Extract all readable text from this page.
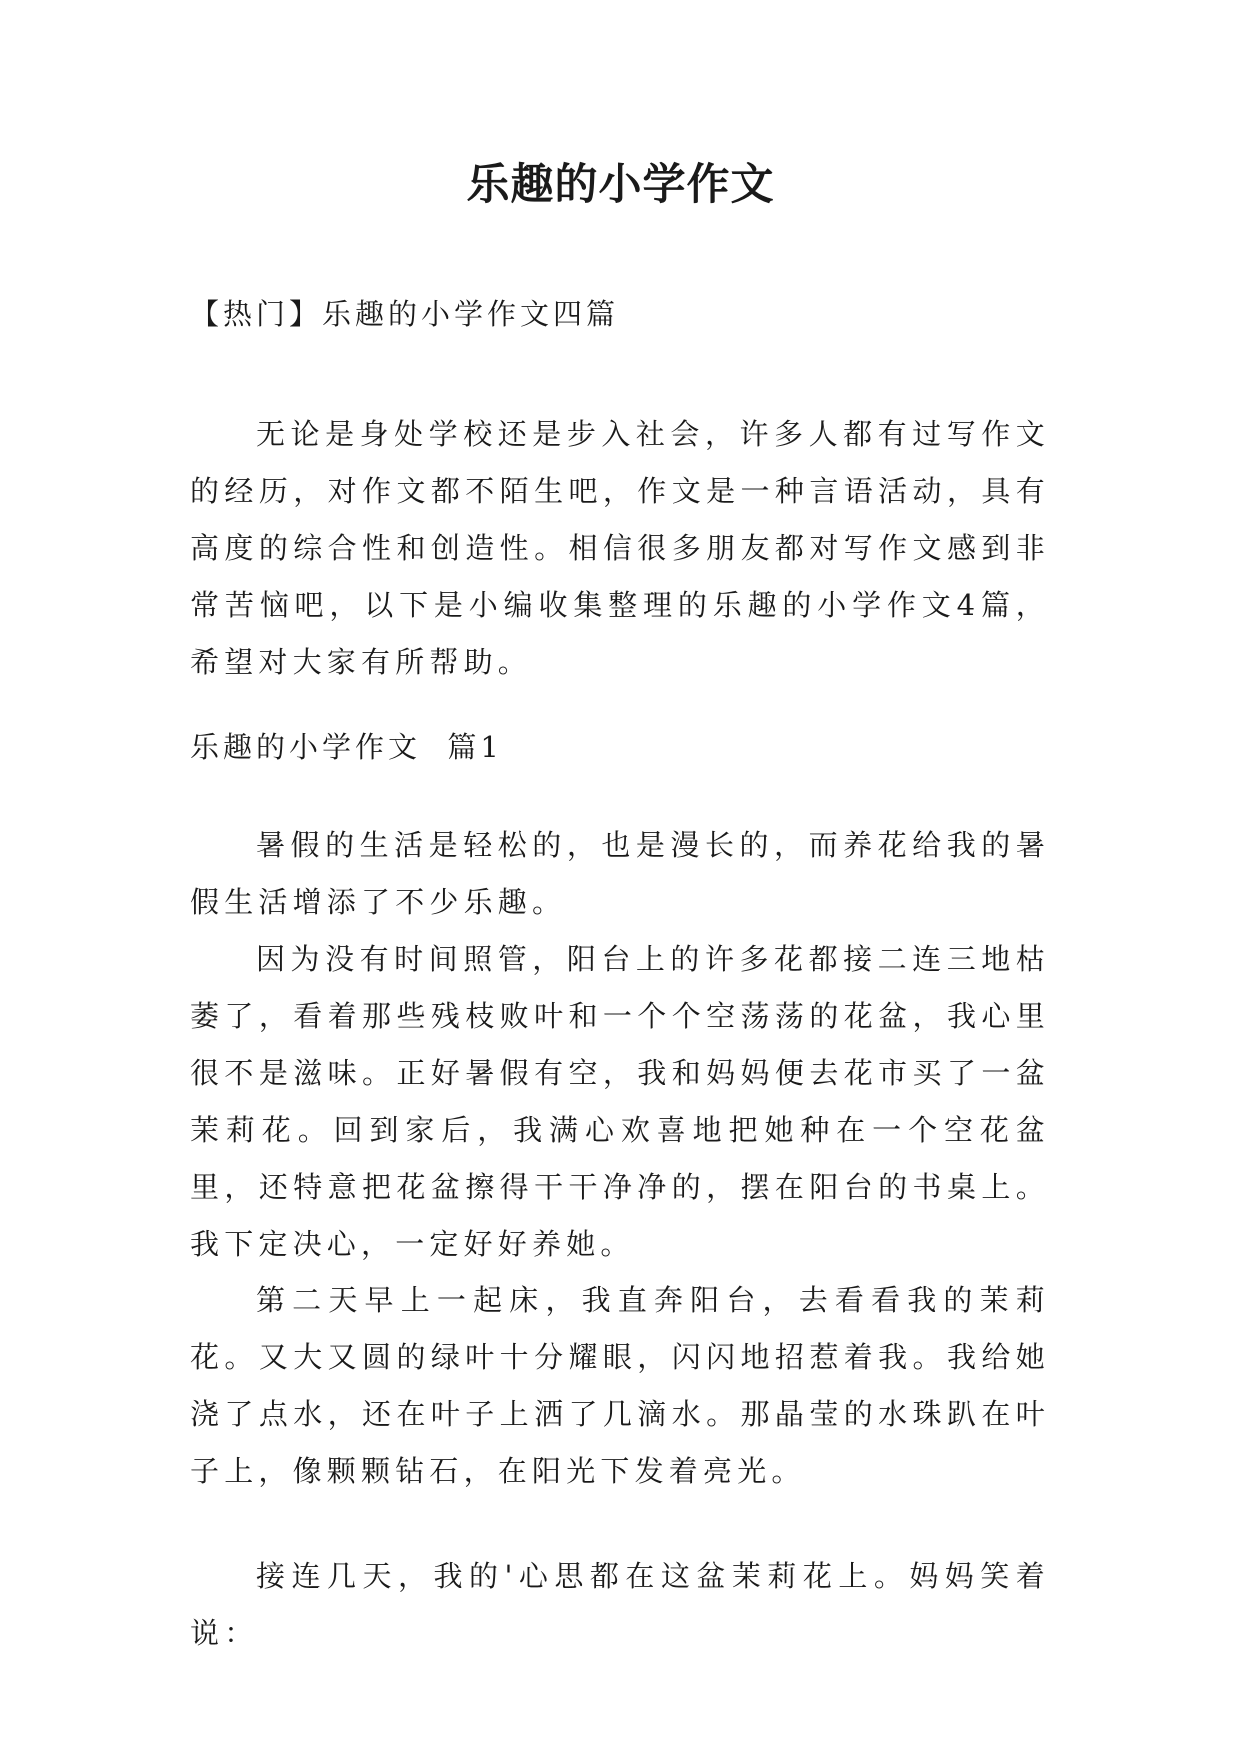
乐趣的小学作文

【热门】乐趣的小学作文四篇

无论是身处学校还是步入社会，许多人都有过写作文的经历，对作文都不陌生吧，作文是一种言语活动，具有高度的综合性和创造性。相信很多朋友都对写作文感到非常苦恼吧，以下是小编收集整理的乐趣的小学作文4篇，希望对大家有所帮助。

乐趣的小学作文  篇1

暑假的生活是轻松的，也是漫长的，而养花给我的暑假生活增添了不少乐趣。

因为没有时间照管，阳台上的许多花都接二连三地枯萎了，看着那些残枝败叶和一个个空荡荡的花盆，我心里很不是滋味。正好暑假有空，我和妈妈便去花市买了一盆茉莉花。回到家后，我满心欢喜地把她种在一个空花盆里，还特意把花盆擦得干干净净的，摆在阳台的书桌上。我下定决心，一定好好养她。

第二天早上一起床，我直奔阳台，去看看我的茉莉花。又大又圆的绿叶十分耀眼，闪闪地招惹着我。我给她浇了点水，还在叶子上洒了几滴水。那晶莹的水珠趴在叶子上，像颗颗钻石，在阳光下发着亮光。

接连几天，我的'心思都在这盆茉莉花上。妈妈笑着说：
